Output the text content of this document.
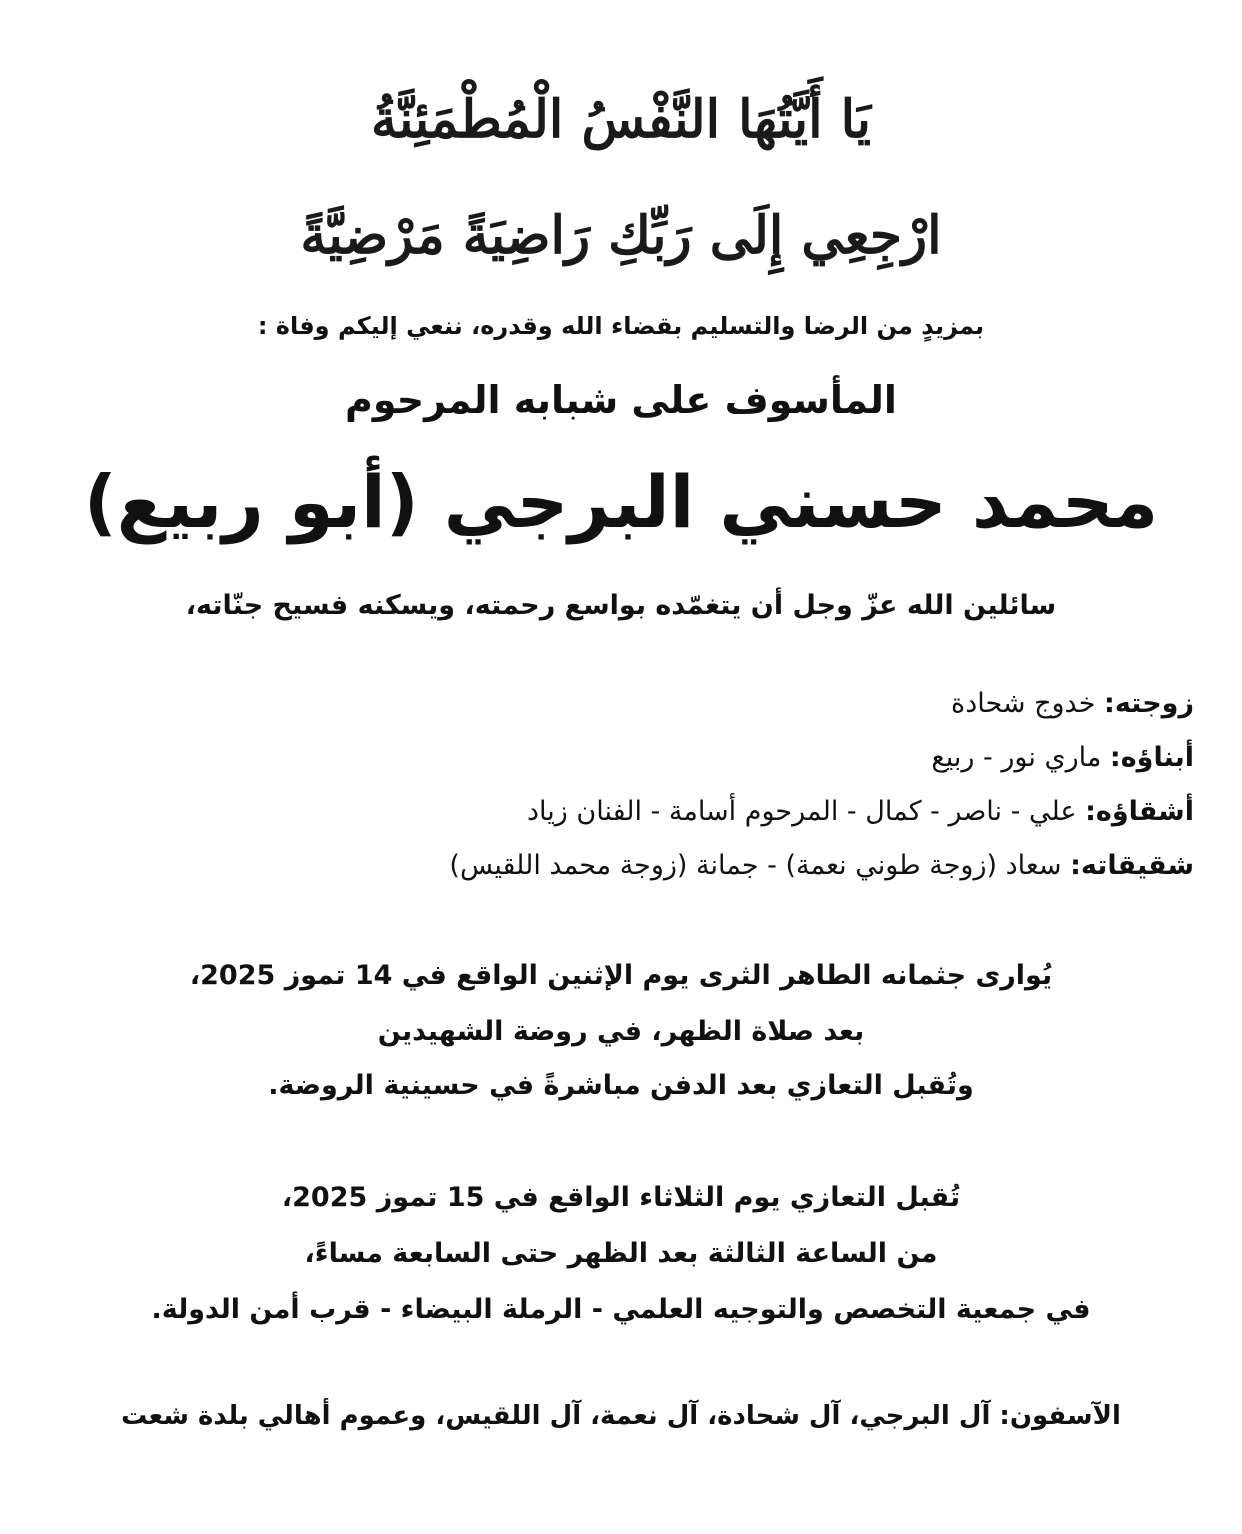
يَا أَيَّتُهَا النَّفْسُ الْمُطْمَئِنَّةُ
ارْجِعِي إِلَى رَبِّكِ رَاضِيَةً مَرْضِيَّةً
بمزيدٍ من الرضا والتسليم بقضاء الله وقدره، ننعي إليكم وفاة :
المأسوف على شبابه المرحوم
محمد حسني البرجي (أبو ربيع)
سائلين الله عزّ وجل أن يتغمّده بواسع رحمته، ويسكنه فسيح جنّاته،
زوجته: خدوج شحادة
أبناؤه: ماري نور - ربيع
أشقاؤه: علي - ناصر - كمال - المرحوم أسامة - الفنان زياد
شقيقاته: سعاد (زوجة طوني نعمة) - جمانة (زوجة محمد اللقيس)
يُوارى جثمانه الطاهر الثرى يوم الإثنين الواقع في 14 تموز 2025،
بعد صلاة الظهر، في روضة الشهيدين
وتُقبل التعازي بعد الدفن مباشرةً في حسينية الروضة.
تُقبل التعازي يوم الثلاثاء الواقع في 15 تموز 2025،
من الساعة الثالثة بعد الظهر حتى السابعة مساءً،
في جمعية التخصص والتوجيه العلمي - الرملة البيضاء - قرب أمن الدولة.
الآسفون: آل البرجي، آل شحادة، آل نعمة، آل اللقيس، وعموم أهالي بلدة شعت
